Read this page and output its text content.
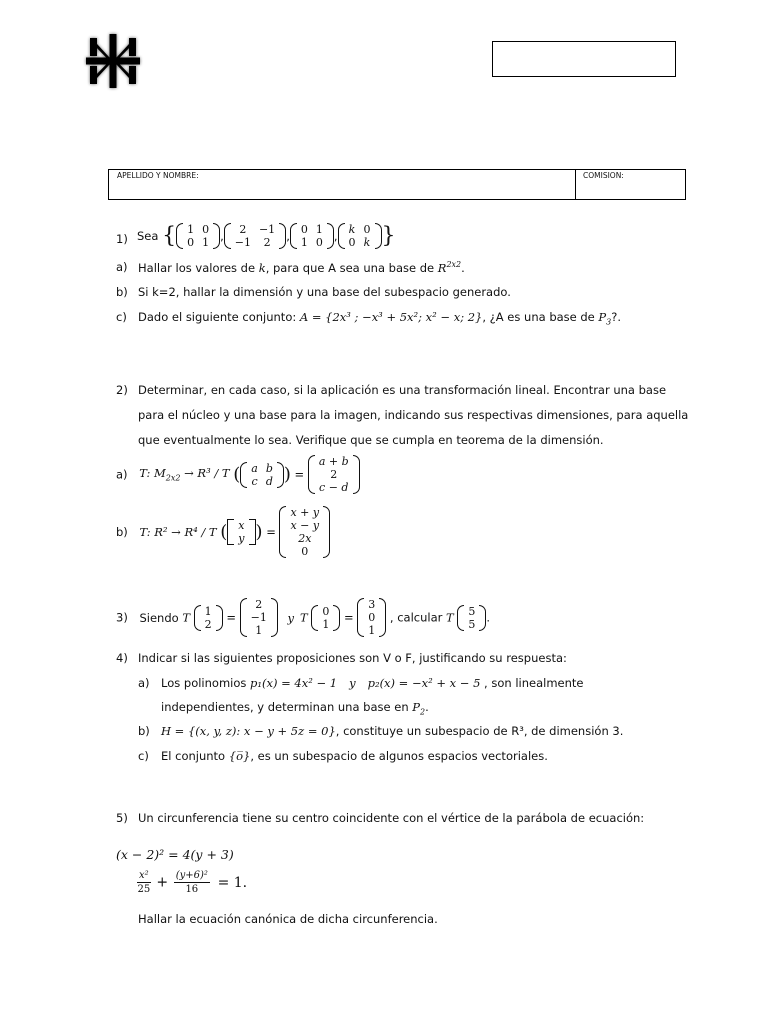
APELLIDO Y NOMBRE:	COMISION:
1) Sea { 1	0
0	1 , 2	−1
−1	2 , 0	1
1	0 , k	0
0	k }
a) Hallar los valores de k, para que A sea una base de $R^{2x2}$.
b) Si k=2, hallar la dimensión y una base del subespacio generado.
c) Dado el siguiente conjunto: A = {2x³ ; −x³ + 5x²; x² − x; 2}, ¿A es una base de $P_3$?.
2) Determinar, en cada caso, si la aplicación es una transformación lineal. Encontrar una base
para el núcleo y una base para la imagen, indicando sus respectivas dimensiones, para aquella
que eventualmente lo sea. Verifique que se cumpla en teorema de la dimensión.
a) T: $M_{2x2} \to R^3 / T$ ( a	b
c	d ) =
a + b
2
c − d
b) T: R² → R⁴ / T ( x
y ) =
x + y
x − y
2x
0
3) Siendo T 1
2 =
2
−1
1
y T 0
1 =
3
0
1
, calcular T 5
5 .
4) Indicar si las siguientes proposiciones son V o F, justificando su respuesta:
a) Los polinomios p₁(x) = 4x² − 1 y p₂(x) = −x² + x − 5 , son linealmente
independientes, y determinan una base en $P_2$.
b) H = {(x, y, z): x − y + 5z = 0}, constituye un subespacio de R³, de dimensión 3.
c) El conjunto {o̅}, es un subespacio de algunos espacios vectoriales.
5) Un circunferencia tiene su centro coincidente con el vértice de la parábola de ecuación:
(x − 2)² = 4(y + 3)
$\frac{\text{x²}}{25} + \frac{\text{(y+6)²}}{16} = 1$.
Hallar la ecuación canónica de dicha circunferencia.
